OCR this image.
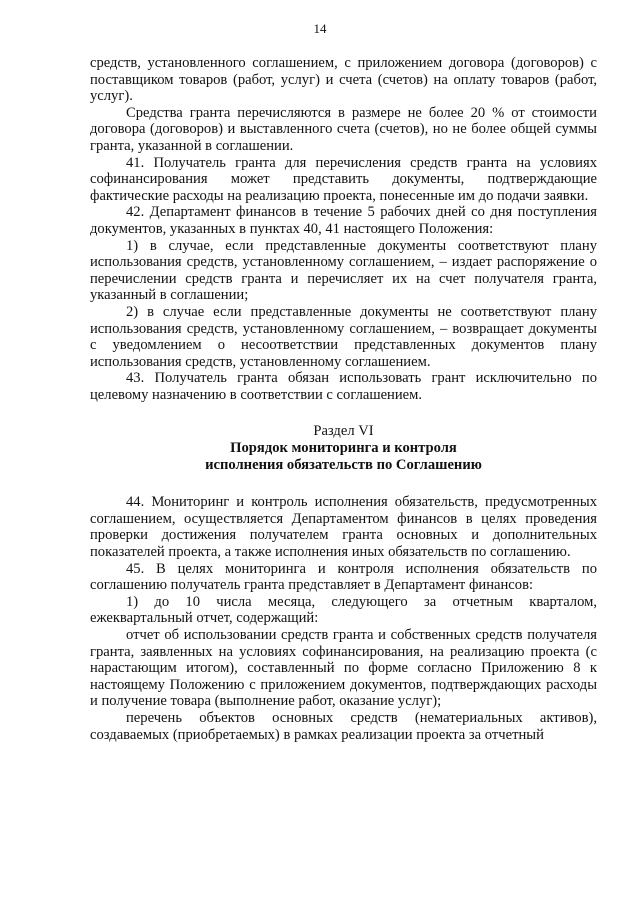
14

средств, установленного соглашением, с приложением договора (договоров) с поставщиком товаров (работ, услуг) и счета (счетов) на оплату товаров (работ, услуг).

Средства гранта перечисляются в размере не более 20 % от стоимости договора (договоров) и выставленного счета (счетов), но не более общей суммы гранта, указанной в соглашении.

41. Получатель гранта для перечисления средств гранта на условиях софинансирования может представить документы, подтверждающие фактические расходы на реализацию проекта, понесенные им до подачи заявки.

42. Департамент финансов в течение 5 рабочих дней со дня поступления документов, указанных в пунктах 40, 41 настоящего Положения:

1) в случае, если представленные документы соответствуют плану использования средств, установленному соглашением, – издает распоряжение о перечислении средств гранта и перечисляет их на счет получателя гранта, указанный в соглашении;

2) в случае если представленные документы не соответствуют плану использования средств, установленному соглашением, – возвращает документы с уведомлением о несоответствии представленных документов плану использования средств, установленному соглашением.

43. Получатель гранта обязан использовать грант исключительно по целевому назначению в соответствии с соглашением.

Раздел VI
Порядок мониторинга и контроля
исполнения обязательств по Соглашению

44. Мониторинг и контроль исполнения обязательств, предусмотренных соглашением, осуществляется Департаментом финансов в целях проведения проверки достижения получателем гранта основных и дополнительных показателей проекта, а также исполнения иных обязательств по соглашению.

45. В целях мониторинга и контроля исполнения обязательств по соглашению получатель гранта представляет в Департамент финансов:

1) до 10 числа месяца, следующего за отчетным кварталом, ежеквартальный отчет, содержащий:

отчет об использовании средств гранта и собственных средств получателя гранта, заявленных на условиях софинансирования, на реализацию проекта (с нарастающим итогом), составленный по форме согласно Приложению 8 к настоящему Положению с приложением документов, подтверждающих расходы и получение товара (выполнение работ, оказание услуг);

перечень объектов основных средств (нематериальных активов), создаваемых (приобретаемых) в рамках реализации проекта за отчетный
